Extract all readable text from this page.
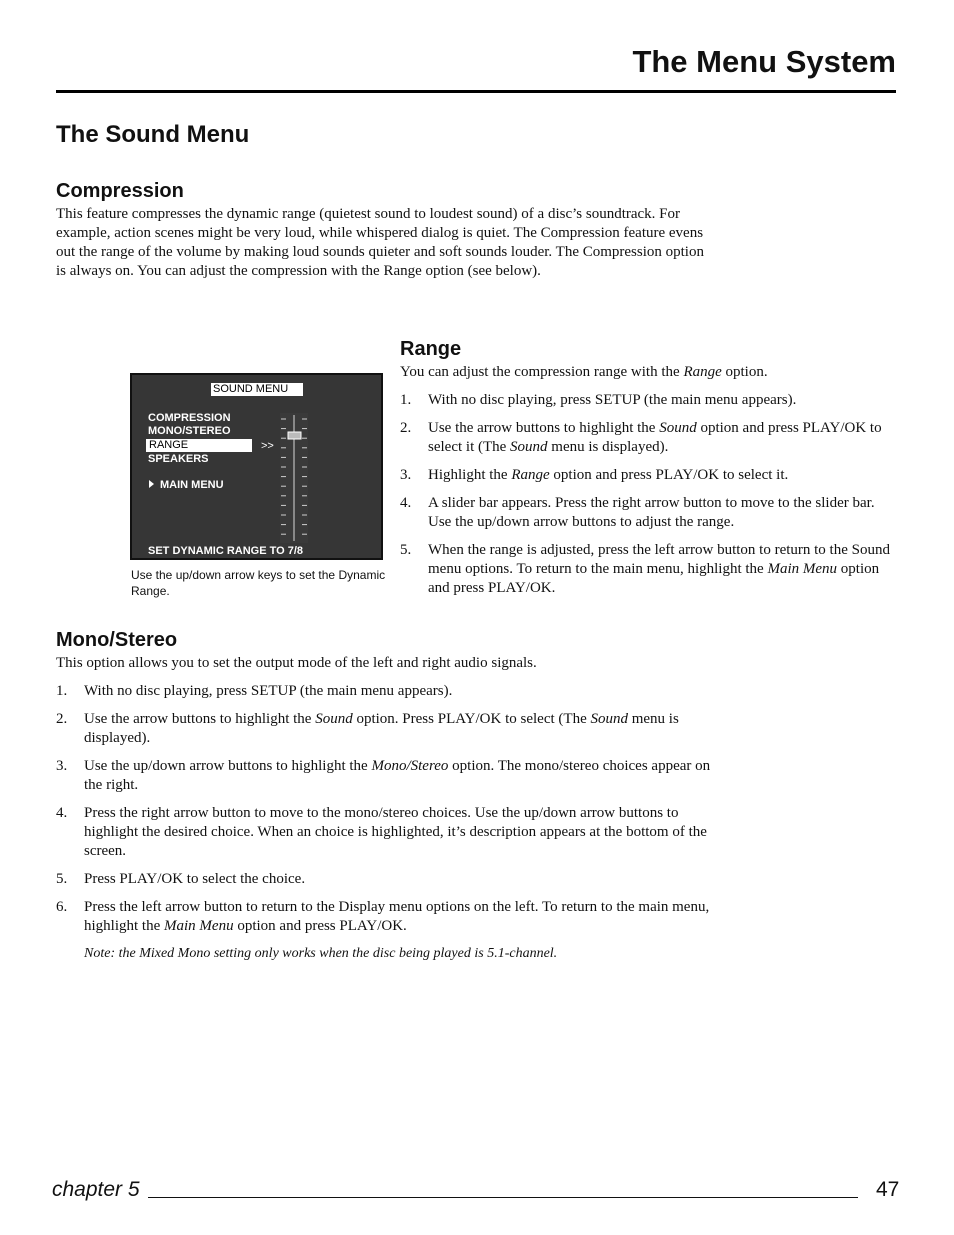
The Menu System
The Sound Menu
Compression

This feature compresses the dynamic range (quietest sound to loudest sound) of a disc’s soundtrack. For example, action scenes might be very loud, while whispered dialog is quiet. The Compression feature evens out the range of the volume by making loud sounds quieter and soft sounds louder. The Compression option is always on. You can adjust the compression with the Range option (see below).

SOUND MENU
COMPRESSION
MONO/STEREO
RANGE
SPEAKERS
>>
MAIN MENU
SET DYNAMIC RANGE TO 7/8

Use the up/down arrow keys to set the Dynamic Range.

Range

You can adjust the compression range with the Range option.

1. With no disc playing, press SETUP (the main menu appears).
2. Use the arrow buttons to highlight the Sound option and press PLAY/OK to select it (The Sound menu is displayed).
3. Highlight the Range option and press PLAY/OK to select it.
4. A slider bar appears. Press the right arrow button to move to the slider bar. Use the up/down arrow buttons to adjust the range.
5. When the range is adjusted, press the left arrow button to return to the Sound menu options. To return to the main menu, highlight the Main Menu option and press PLAY/OK.
Mono/Stereo

This option allows you to set the output mode of the left and right audio signals.

1. With no disc playing, press SETUP (the main menu appears).
2. Use the arrow buttons to highlight the Sound option. Press PLAY/OK to select (The Sound menu is displayed).
3. Use the up/down arrow buttons to highlight the Mono/Stereo option. The mono/stereo choices appear on the right.
4. Press the right arrow button to move to the mono/stereo choices. Use the up/down arrow buttons to highlight the desired choice. When an choice is highlighted, it’s description appears at the bottom of the screen.
5. Press PLAY/OK to select the choice.
6. Press the left arrow button to return to the Display menu options on the left. To return to the main menu, highlight the Main Menu option and press PLAY/OK.

Note: the Mixed Mono setting only works when the disc being played is 5.1-channel.

chapter 5	47
